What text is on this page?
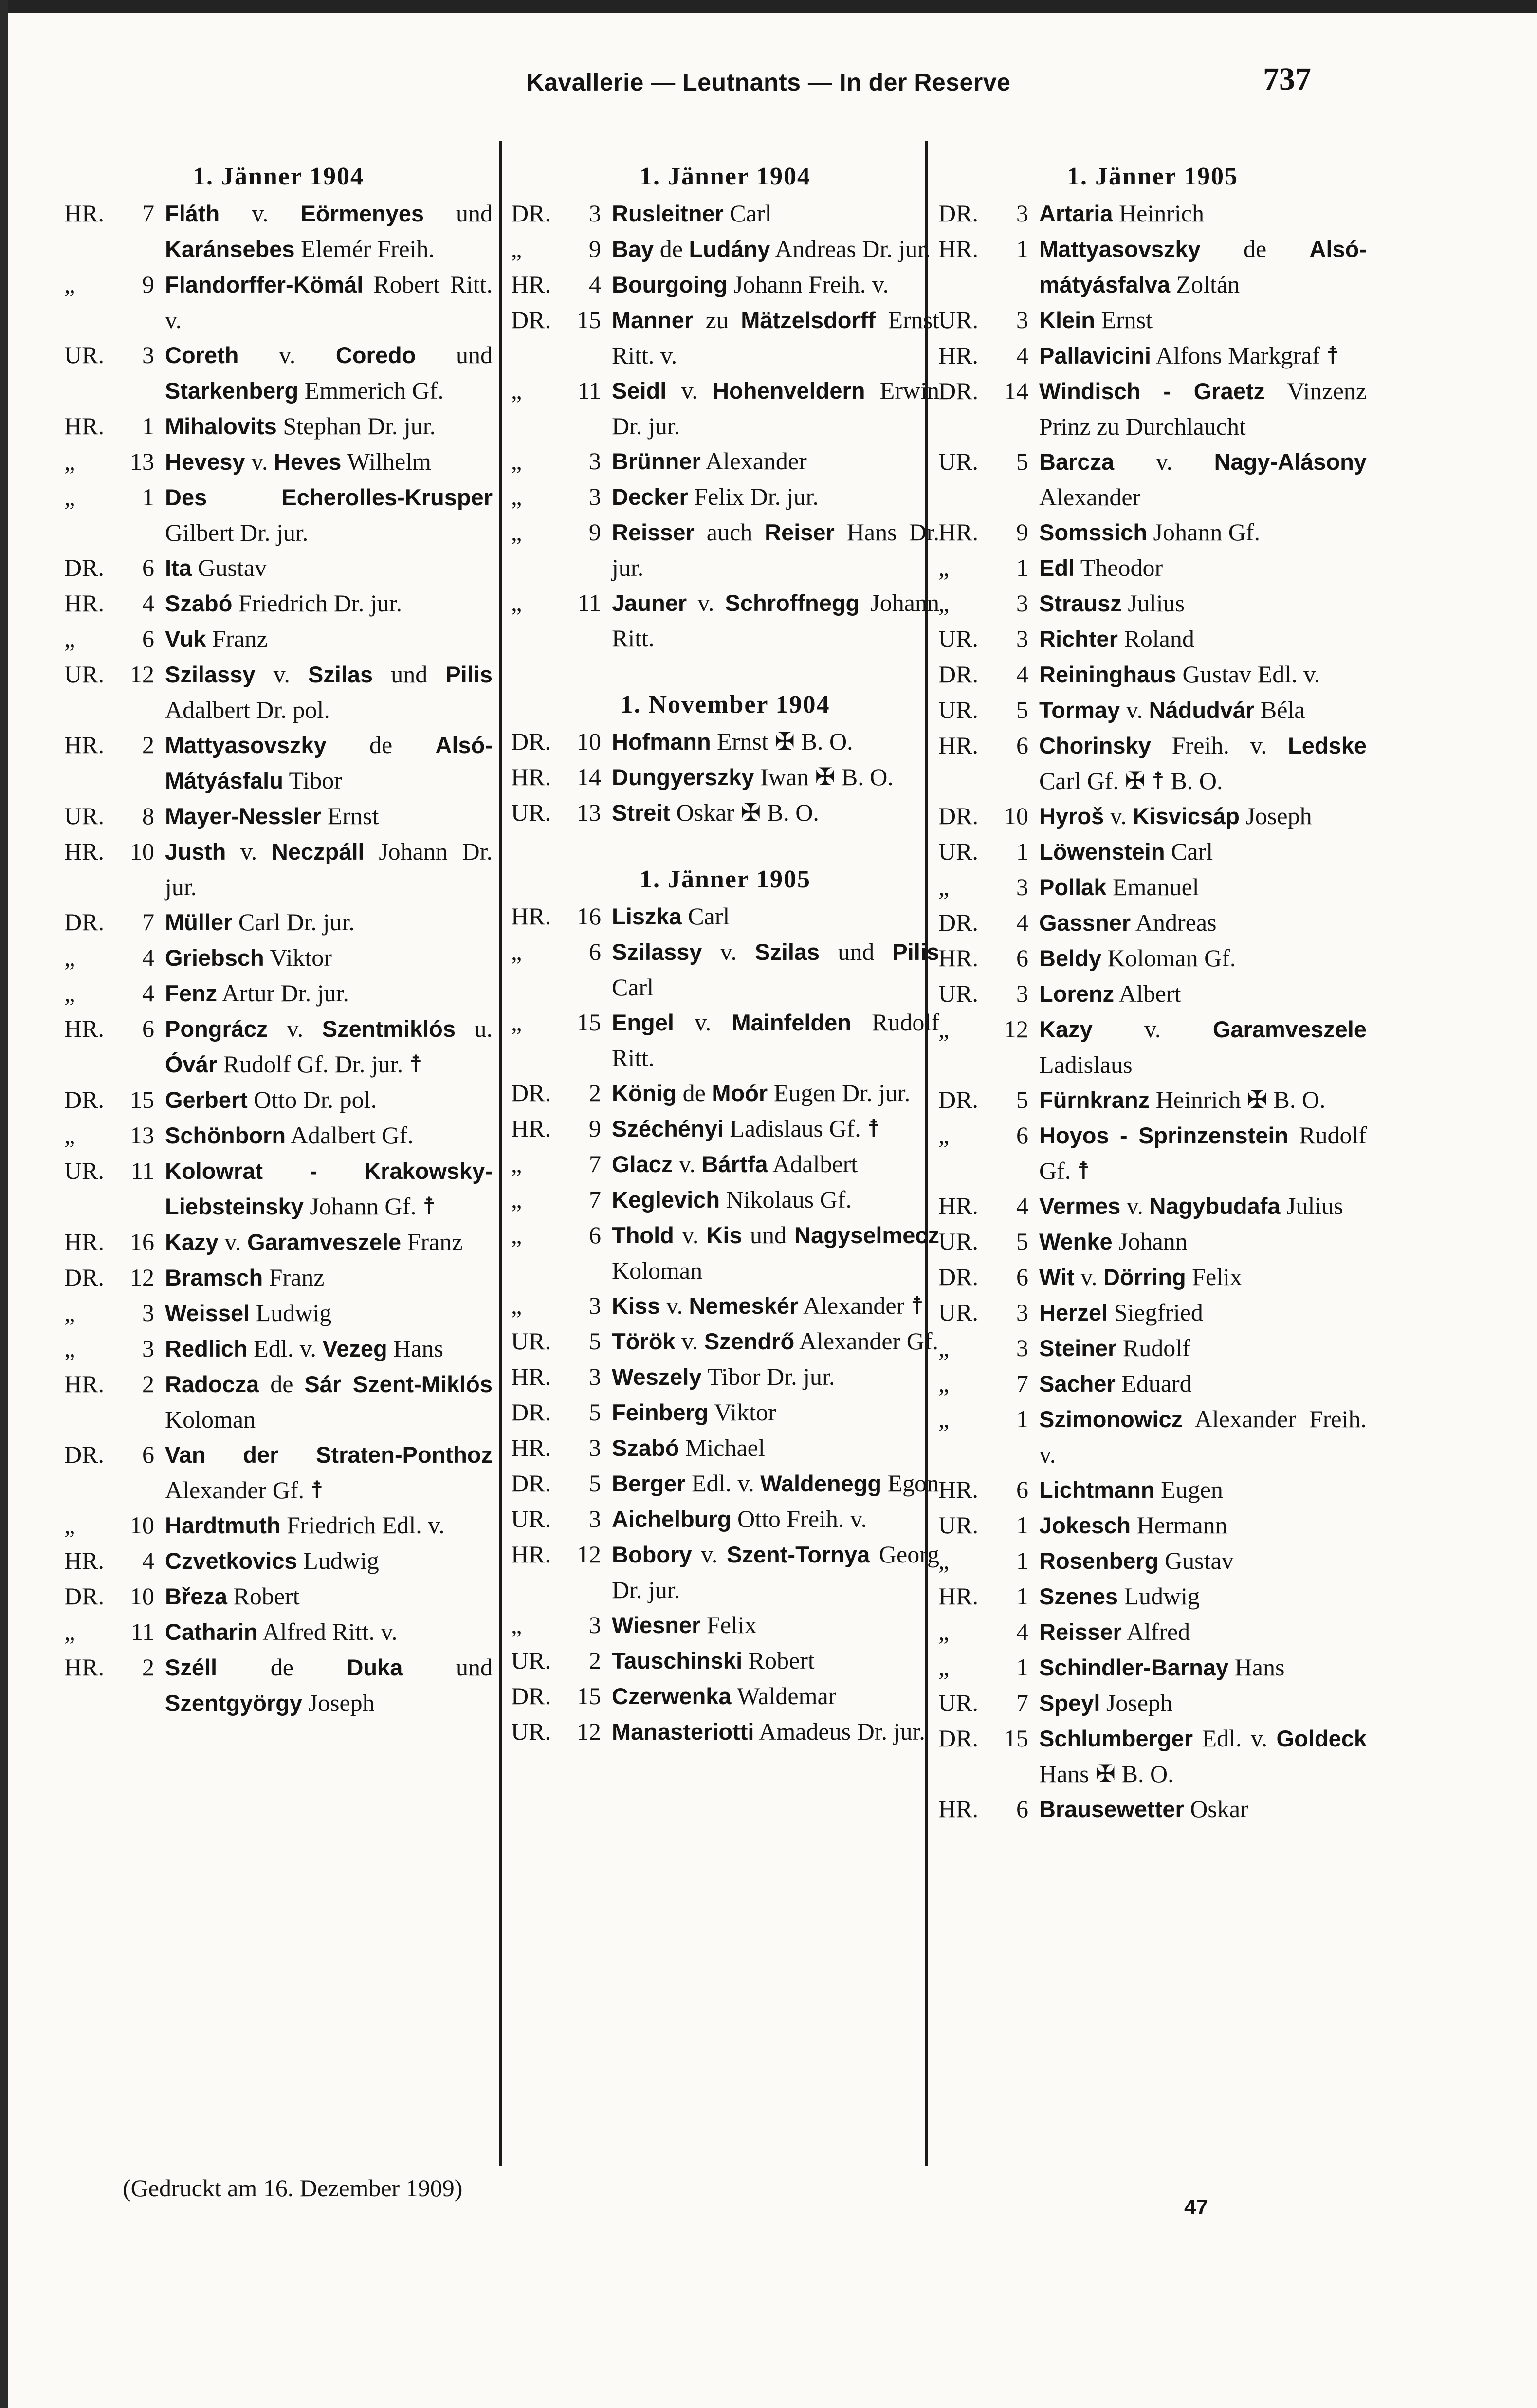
Kavallerie — Leutnants — In der Reserve	737
1. Jänner 1904
HR.	7 Fláth v. Eörmenyes und Karánsebes Elemér Freih.
„	9 Flandorffer-Kömál Robert Ritt. v.
UR.	3 Coreth v. Coredo und Starkenberg Emmerich Gf.
HR.	1 Mihalovits Stephan Dr. jur.
„	13 Hevesy v. Heves Wilhelm
„	1 Des Echerolles-Krusper Gilbert Dr. jur.
DR.	6 Ita Gustav
HR.	4 Szabó Friedrich Dr. jur.
„	6 Vuk Franz
UR.	12 Szilassy v. Szilas und Pilis Adalbert Dr. pol.
HR.	2 Mattyasovszky de Alsó-Mátyásfalu Tibor
UR.	8 Mayer-Nessler Ernst
HR.	10 Justh v. Neczpáll Johann Dr. jur.
DR.	7 Müller Carl Dr. jur.
„	4 Griebsch Viktor
„	4 Fenz Artur Dr. jur.
HR.	6 Pongrácz v. Szentmiklós u. Óvár Rudolf Gf. Dr. jur. ☨
DR.	15 Gerbert Otto Dr. pol.
„	13 Schönborn Adalbert Gf.
UR.	11 Kolowrat - Krakowsky-Liebsteinsky Johann Gf. ☨
HR.	16 Kazy v. Garamveszele Franz
DR.	12 Bramsch Franz
„	3 Weissel Ludwig
„	3 Redlich Edl. v. Vezeg Hans
HR.	2 Radocza de Sár Szent-Miklós Koloman
DR.	6 Van der Straten-Ponthoz Alexander Gf. ☨
„	10 Hardtmuth Friedrich Edl. v.
HR.	4 Czvetkovics Ludwig
DR.	10 Březa Robert
„	11 Catharin Alfred Ritt. v.
HR.	2 Széll de Duka und Szentgyörgy Joseph
1. Jänner 1904
DR.	3 Rusleitner Carl
„	9 Bay de Ludány Andreas Dr. jur.
HR.	4 Bourgoing Johann Freih. v.
DR.	15 Manner zu Mätzelsdorff Ernst Ritt. v.
„	11 Seidl v. Hohenveldern Erwin Dr. jur.
„	3 Brünner Alexander
„	3 Decker Felix Dr. jur.
„	9 Reisser auch Reiser Hans Dr. jur.
„	11 Jauner v. Schroffnegg Johann Ritt.
1. November 1904
DR.	10 Hofmann Ernst ✠ B. O.
HR.	14 Dungyerszky Iwan ✠ B. O.
UR.	13 Streit Oskar ✠ B. O.
1. Jänner 1905
HR.	16 Liszka Carl
„	6 Szilassy v. Szilas und Pilis Carl
„	15 Engel v. Mainfelden Rudolf Ritt.
DR.	2 König de Moór Eugen Dr. jur.
HR.	9 Széchényi Ladislaus Gf. ☨
„	7 Glacz v. Bártfa Adalbert
„	7 Keglevich Nikolaus Gf.
„	6 Thold v. Kis und Nagyselmecz Koloman
„	3 Kiss v. Nemeskér Alexander ☨
UR.	5 Török v. Szendrő Alexander Gf.
HR.	3 Weszely Tibor Dr. jur.
DR.	5 Feinberg Viktor
HR.	3 Szabó Michael
DR.	5 Berger Edl. v. Waldenegg Egon
UR.	3 Aichelburg Otto Freih. v.
HR.	12 Bobory v. Szent-Tornya Georg Dr. jur.
„	3 Wiesner Felix
UR.	2 Tauschinski Robert
DR.	15 Czerwenka Waldemar
UR.	12 Manasteriotti Amadeus Dr. jur.
1. Jänner 1905
DR.	3 Artaria Heinrich
HR.	1 Mattyasovszky de Alsó-mátyásfalva Zoltán
UR.	3 Klein Ernst
HR.	4 Pallavicini Alfons Markgraf ☨
DR.	14 Windisch - Graetz Vinzenz Prinz zu Durchlaucht
UR.	5 Barcza v. Nagy-Alásony Alexander
HR.	9 Somssich Johann Gf.
„	1 Edl Theodor
„	3 Strausz Julius
UR.	3 Richter Roland
DR.	4 Reininghaus Gustav Edl. v.
UR.	5 Tormay v. Nádudvár Béla
HR.	6 Chorinsky Freih. v. Ledske Carl Gf. ✠ ☨ B. O.
DR.	10 Hyroš v. Kisvicsáp Joseph
UR.	1 Löwenstein Carl
„	3 Pollak Emanuel
DR.	4 Gassner Andreas
HR.	6 Beldy Koloman Gf.
UR.	3 Lorenz Albert
„	12 Kazy v. Garamveszele Ladislaus
DR.	5 Fürnkranz Heinrich ✠ B. O.
„	6 Hoyos - Sprinzenstein Rudolf Gf. ☨
HR.	4 Vermes v. Nagybudafa Julius
UR.	5 Wenke Johann
DR.	6 Wit v. Dörring Felix
UR.	3 Herzel Siegfried
„	3 Steiner Rudolf
„	7 Sacher Eduard
„	1 Szimonowicz Alexander Freih. v.
HR.	6 Lichtmann Eugen
UR.	1 Jokesch Hermann
„	1 Rosenberg Gustav
HR.	1 Szenes Ludwig
„	4 Reisser Alfred
„	1 Schindler-Barnay Hans
UR.	7 Speyl Joseph
DR.	15 Schlumberger Edl. v. Goldeck Hans ✠ B. O.
HR.	6 Brausewetter Oskar
(Gedruckt am 16. Dezember 1909)
47
